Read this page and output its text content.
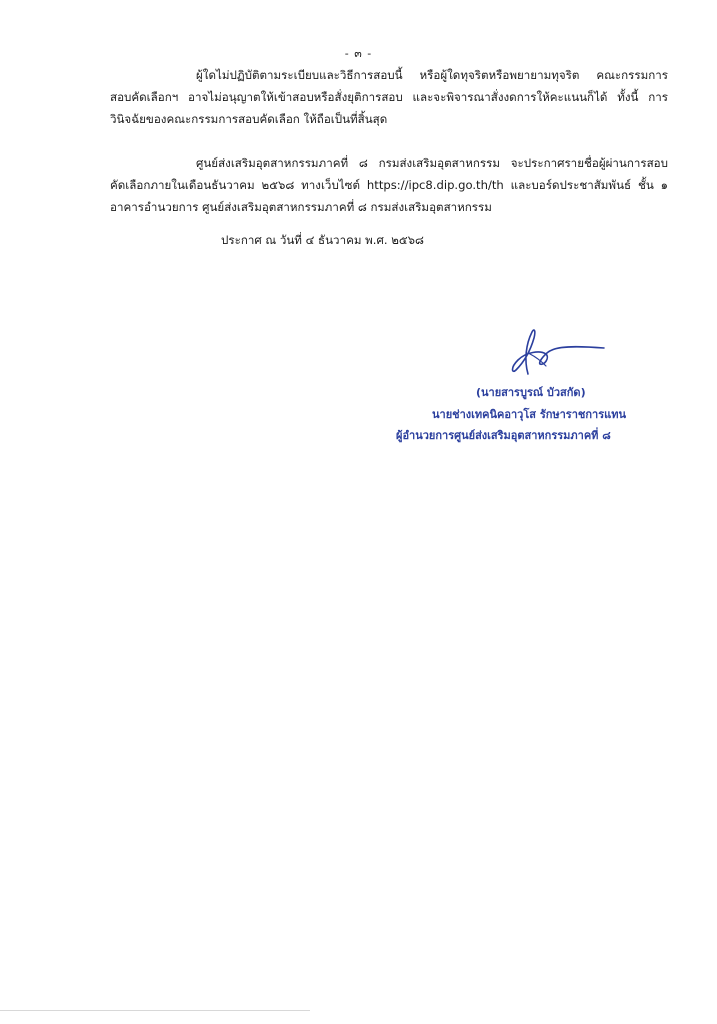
- ๓ -
ผู้ใดไม่ปฏิบัติตามระเบียบและวิธีการสอบนี้ หรือผู้ใดทุจริตหรือพยายามทุจริต คณะกรรมการ
สอบคัดเลือกฯ อาจไม่อนุญาตให้เข้าสอบหรือสั่งยุติการสอบ และจะพิจารณาสั่งงดการให้คะแนนก็ได้ ทั้งนี้ การ
วินิจฉัยของคณะกรรมการสอบคัดเลือก ให้ถือเป็นที่สิ้นสุด
ศูนย์ส่งเสริมอุตสาหกรรมภาคที่ ๘ กรมส่งเสริมอุตสาหกรรม จะประกาศรายชื่อผู้ผ่านการสอบ
คัดเลือกภายในเดือนธันวาคม ๒๕๖๘ ทางเว็บไซต์ https://ipc8.dip.go.th/th และบอร์ดประชาสัมพันธ์ ชั้น ๑
อาคารอำนวยการ ศูนย์ส่งเสริมอุตสาหกรรมภาคที่ ๘ กรมส่งเสริมอุตสาหกรรม
ประกาศ ณ วันที่ ๔ ธันวาคม พ.ศ. ๒๕๖๘
(นายสารบูรณ์ บัวสกัด)
นายช่างเทคนิคอาวุโส รักษาราชการแทน
ผู้อำนวยการศูนย์ส่งเสริมอุตสาหกรรมภาคที่ ๘
